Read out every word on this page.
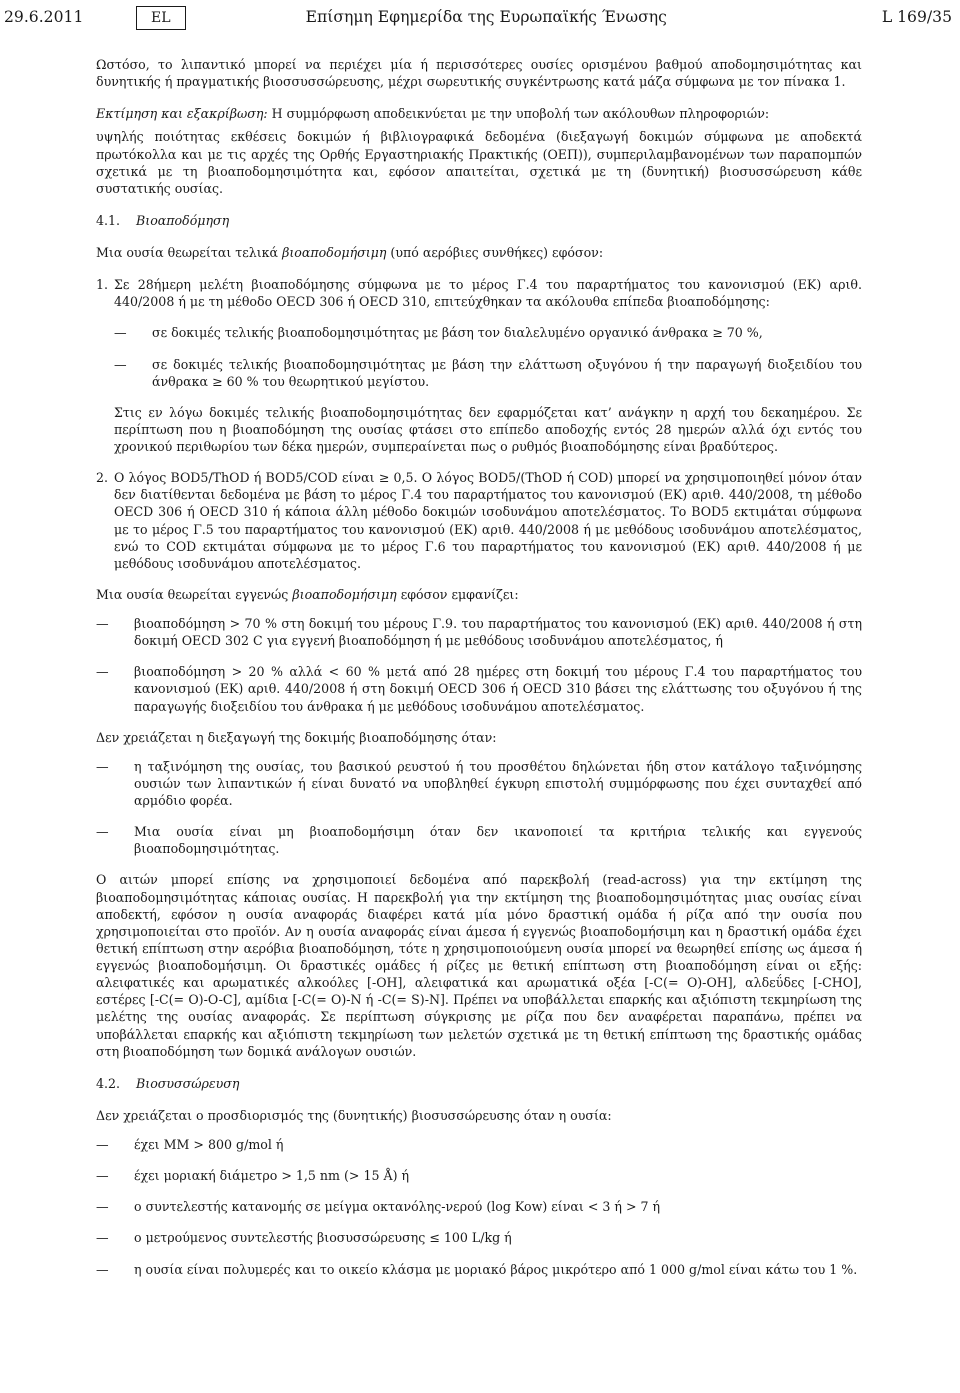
29.6.2011	EL	Επίσημη Εφημερίδα της Ευρωπαϊκής Ένωσης	L 169/35

Ωστόσο, το λιπαντικό μπορεί να περιέχει μία ή περισσότερες ουσίες ορισμένου βαθμού αποδομησιμότητας και δυνητικής ή πραγματικής βιοσσυσσώρευσης, μέχρι σωρευτικής συγκέντρωσης κατά μάζα σύμφωνα με τον πίνακα 1.

Εκτίμηση και εξακρίβωση: Η συμμόρφωση αποδεικνύεται με την υποβολή των ακόλουθων πληροφοριών:

υψηλής ποιότητας εκθέσεις δοκιμών ή βιβλιογραφικά δεδομένα (διεξαγωγή δοκιμών σύμφωνα με αποδεκτά πρωτόκολλα και με τις αρχές της Ορθής Εργαστηριακής Πρακτικής (ΟΕΠ)), συμπεριλαμβανομένων των παραπομπών σχετικά με τη βιοαποδομησιμότητα και, εφόσον απαιτείται, σχετικά με τη (δυνητική) βιοσυσσώρευση κάθε συστατικής ουσίας.

4.1. Βιοαποδόμηση

Μια ουσία θεωρείται τελικά βιοαποδομήσιμη (υπό αερόβιες συνθήκες) εφόσον:

1. Σε 28ήμερη μελέτη βιοαποδόμησης σύμφωνα με το μέρος Γ.4 του παραρτήματος του κανονισμού (ΕΚ) αριθ. 440/2008 ή με τη μέθοδο OECD 306 ή OECD 310, επιτεύχθηκαν τα ακόλουθα επίπεδα βιοαποδόμησης:
—	σε δοκιμές τελικής βιοαποδομησιμότητας με βάση τον διαλελυμένο οργανικό άνθρακα ≥ 70 %,
—	σε δοκιμές τελικής βιοαποδομησιμότητας με βάση την ελάττωση οξυγόνου ή την παραγωγή διοξειδίου του άνθρακα ≥ 60 % του θεωρητικού μεγίστου.
Στις εν λόγω δοκιμές τελικής βιοαποδομησιμότητας δεν εφαρμόζεται κατ’ ανάγκην η αρχή του δεκαημέρου. Σε περίπτωση που η βιοαποδόμηση της ουσίας φτάσει στο επίπεδο αποδοχής εντός 28 ημερών αλλά όχι εντός του χρονικού περιθωρίου των δέκα ημερών, συμπεραίνεται πως ο ρυθμός βιοαποδόμησης είναι βραδύτερος.
2. Ο λόγος BOD5/ThOD ή BOD5/COD είναι ≥ 0,5. Ο λόγος BOD5/(ThOD ή COD) μπορεί να χρησιμοποιηθεί μόνον όταν δεν διατίθενται δεδομένα με βάση το μέρος Γ.4 του παραρτήματος του κανονισμού (ΕΚ) αριθ. 440/2008, τη μέθοδο OECD 306 ή OECD 310 ή κάποια άλλη μέθοδο δοκιμών ισοδυνάμου αποτελέσματος. Το BOD5 εκτιμάται σύμφωνα με το μέρος Γ.5 του παραρτήματος του κανονισμού (ΕΚ) αριθ. 440/2008 ή με μεθόδους ισοδυνάμου αποτελέσματος, ενώ το COD εκτιμάται σύμφωνα με το μέρος Γ.6 του παραρτήματος του κανονισμού (ΕΚ) αριθ. 440/2008 ή με μεθόδους ισοδυνάμου αποτελέσματος.

Μια ουσία θεωρείται εγγενώς βιοαποδομήσιμη εφόσον εμφανίζει:

—	βιοαποδόμηση > 70 % στη δοκιμή του μέρους Γ.9. του παραρτήματος του κανονισμού (ΕΚ) αριθ. 440/2008 ή στη δοκιμή OECD 302 C για εγγενή βιοαποδόμηση ή με μεθόδους ισοδυνάμου αποτελέσματος, ή
—	βιοαποδόμηση > 20 % αλλά < 60 % μετά από 28 ημέρες στη δοκιμή του μέρους Γ.4 του παραρτήματος του κανονισμού (ΕΚ) αριθ. 440/2008 ή στη δοκιμή OECD 306 ή OECD 310 βάσει της ελάττωσης του οξυγόνου ή της παραγωγής διοξειδίου του άνθρακα ή με μεθόδους ισοδυνάμου αποτελέσματος.

Δεν χρειάζεται η διεξαγωγή της δοκιμής βιοαποδόμησης όταν:

—	η ταξινόμηση της ουσίας, του βασικού ρευστού ή του προσθέτου δηλώνεται ήδη στον κατάλογο ταξινόμησης ουσιών των λιπαντικών ή είναι δυνατό να υποβληθεί έγκυρη επιστολή συμμόρφωσης που έχει συνταχθεί από αρμόδιο φορέα.
—	Μια ουσία είναι μη βιοαποδομήσιμη όταν δεν ικανοποιεί τα κριτήρια τελικής και εγγενούς βιοαποδομησιμότητας.

Ο αιτών μπορεί επίσης να χρησιμοποιεί δεδομένα από παρεκβολή (read-across) για την εκτίμηση της βιοαποδομησιμότητας κάποιας ουσίας. Η παρεκβολή για την εκτίμηση της βιοαποδομησιμότητας μιας ουσίας είναι αποδεκτή, εφόσον η ουσία αναφοράς διαφέρει κατά μία μόνο δραστική ομάδα ή ρίζα από την ουσία που χρησιμοποιείται στο προϊόν. Αν η ουσία αναφοράς είναι άμεσα ή εγγενώς βιοαποδομήσιμη και η δραστική ομάδα έχει θετική επίπτωση στην αερόβια βιοαποδόμηση, τότε η χρησιμοποιούμενη ουσία μπορεί να θεωρηθεί επίσης ως άμεσα ή εγγενώς βιοαποδομήσιμη. Οι δραστικές ομάδες ή ρίζες με θετική επίπτωση στη βιοαποδόμηση είναι οι εξής: αλειφατικές και αρωματικές αλκοόλες [-OH], αλειφατικά και αρωματικά οξέα [-C(= O)-OH], αλδεΰδες [-CHO], εστέρες [-C(= O)-O-C], αμίδια [-C(= O)-N ή -C(= S)-N]. Πρέπει να υποβάλλεται επαρκής και αξιόπιστη τεκμηρίωση της μελέτης της ουσίας αναφοράς. Σε περίπτωση σύγκρισης με ρίζα που δεν αναφέρεται παραπάνω, πρέπει να υποβάλλεται επαρκής και αξιόπιστη τεκμηρίωση των μελετών σχετικά με τη θετική επίπτωση της δραστικής ομάδας στη βιοαποδόμηση των δομικά ανάλογων ουσιών.

4.2. Βιοσυσσώρευση

Δεν χρειάζεται ο προσδιορισμός της (δυνητικής) βιοσυσσώρευσης όταν η ουσία:

—	έχει ΜΜ > 800 g/mol ή
—	έχει μοριακή διάμετρο > 1,5 nm (> 15 Å) ή
—	ο συντελεστής κατανομής σε μείγμα οκτανόλης-νερού (log Kow) είναι < 3 ή > 7 ή
—	ο μετρούμενος συντελεστής βιοσυσσώρευσης ≤ 100 L/kg ή
—	η ουσία είναι πολυμερές και το οικείο κλάσμα με μοριακό βάρος μικρότερο από 1 000 g/mol είναι κάτω του 1 %.
